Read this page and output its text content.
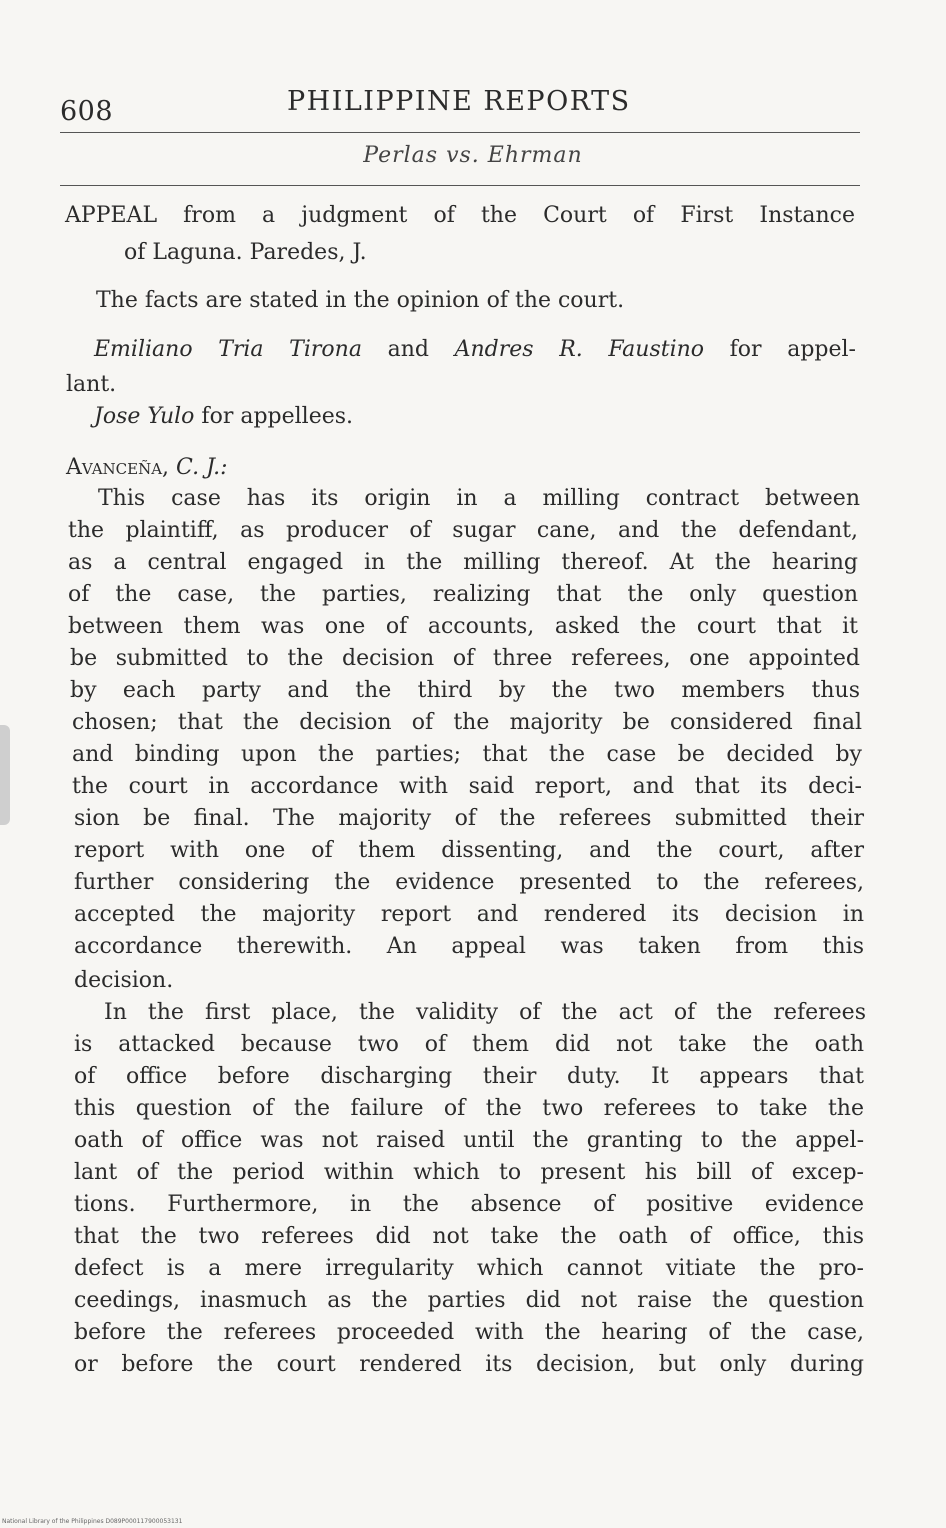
608	PHILIPPINE REPORTS
Perlas vs. Ehrman
APPEAL from a judgment of the Court of First Instance
of Laguna. Paredes, J.
The facts are stated in the opinion of the court.
Emiliano Tria Tirona and Andres R. Faustino for appel-
lant.
Jose Yulo for appellees.
Avanceña, C. J.:
This case has its origin in a milling contract between
the plaintiff, as producer of sugar cane, and the defendant,
as a central engaged in the milling thereof. At the hearing
of the case, the parties, realizing that the only question
between them was one of accounts, asked the court that it
be submitted to the decision of three referees, one appointed
by each party and the third by the two members thus
chosen; that the decision of the majority be considered final
and binding upon the parties; that the case be decided by
the court in accordance with said report, and that its deci-
sion be final. The majority of the referees submitted their
report with one of them dissenting, and the court, after
further considering the evidence presented to the referees,
accepted the majority report and rendered its decision in
accordance therewith. An appeal was taken from this
decision.
In the first place, the validity of the act of the referees
is attacked because two of them did not take the oath
of office before discharging their duty. It appears that
this question of the failure of the two referees to take the
oath of office was not raised until the granting to the appel-
lant of the period within which to present his bill of excep-
tions. Furthermore, in the absence of positive evidence
that the two referees did not take the oath of office, this
defect is a mere irregularity which cannot vitiate the pro-
ceedings, inasmuch as the parties did not raise the question
before the referees proceeded with the hearing of the case,
or before the court rendered its decision, but only during
National Library of the Philippines D089P000117900053131
